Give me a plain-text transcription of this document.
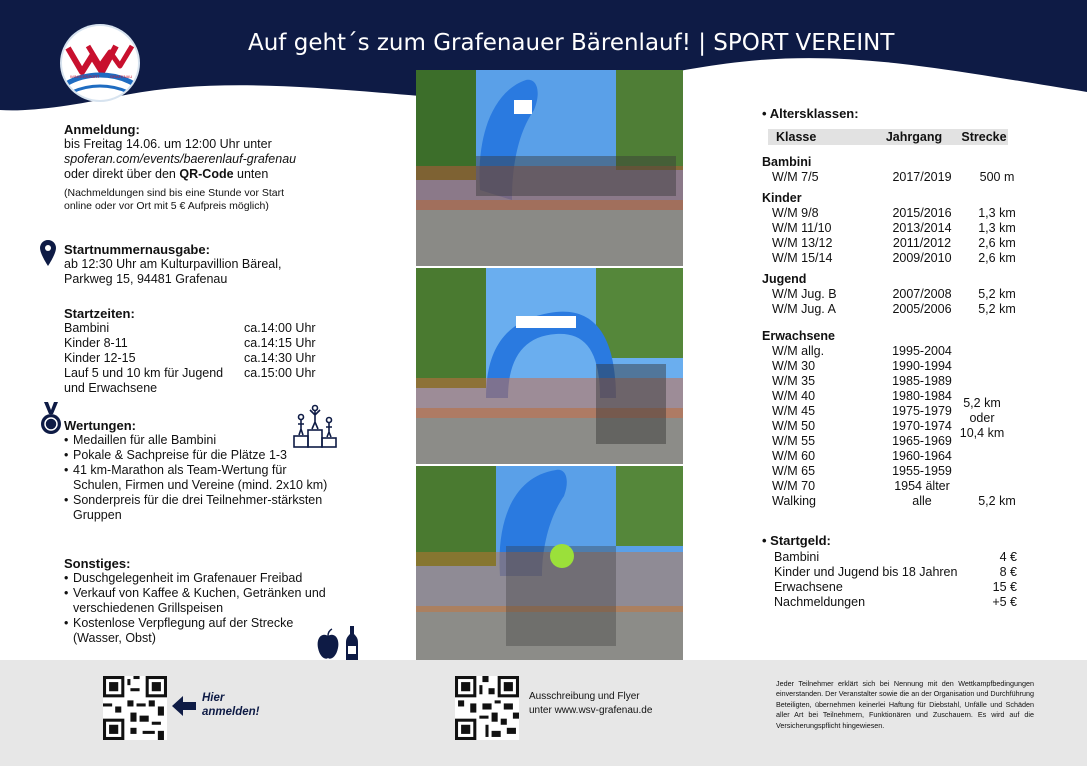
WINTERSPORT	GRAFENAU
Auf geht´s zum Grafenauer Bärenlauf! | SPORT VEREINT
Anmeldung:
bis Freitag 14.06. um 12:00 Uhr unter
spoferan.com/events/baerenlauf-grafenau
oder direkt über den QR-Code unten
(Nachmeldungen sind bis eine Stunde vor Start
online oder vor Ort mit 5 € Aufpreis möglich)
Startnummernausgabe:
ab 12:30 Uhr am Kulturpavillion Bäreal,
Parkweg 15, 94481 Grafenau
Startzeiten:
Bambini	ca.14:00 Uhr
Kinder 8-11	ca.14:15 Uhr
Kinder 12-15	ca.14:30 Uhr
Lauf 5 und 10 km für Jugend	ca.15:00 Uhr
und Erwachsene
Wertungen:
• Medaillen für alle Bambini
• Pokale & Sachpreise für die Plätze 1-3
• 41 km-Marathon als Team-Wertung für
Schulen, Firmen und Vereine (mind. 2x10 km)
• Sonderpreis für die drei Teilnehmer-stärksten
Gruppen
Sonstiges:
• Duschgelegenheit im Grafenauer Freibad
• Verkauf von Kaffee & Kuchen, Getränken und
verschiedenen Grillspeisen
• Kostenlose Verpflegung auf der Strecke
(Wasser, Obst)
• Altersklassen:
Klasse	Jahrgang	Strecke
Bambini
W/M 7/5	2017/2019	500 m
Kinder
W/M 9/8	2015/2016	1,3 km
W/M 11/10	2013/2014	1,3 km
W/M 13/12	2011/2012	2,6 km
W/M 15/14	2009/2010	2,6 km
Jugend
W/M Jug. B	2007/2008	5,2 km
W/M Jug. A	2005/2006	5,2 km
Erwachsene
W/M allg.	1995-2004
W/M 30	1990-1994
W/M 35	1985-1989
W/M 40	1980-1984
W/M 45	1975-1979
W/M 50	1970-1974
W/M 55	1965-1969
W/M 60	1960-1964
W/M 65	1955-1959
W/M 70	1954 älter
5,2 km
oder
10,4 km
Walking	alle	5,2 km
• Startgeld:
Bambini	4 €
Kinder und Jugend bis 18 Jahren	8 €
Erwachsene	15 €
Nachmeldungen	+5 €
Hier
anmelden!
Ausschreibung und Flyer
unter www.wsv-grafenau.de
Jeder Teilnehmer erklärt sich bei Nennung mit den Wettkampfbedingungen einverstanden. Der Veranstalter sowie die an der Organisation und Durchführung Beteiligten, übernehmen keinerlei Haftung für Diebstahl, Unfälle und Schäden aller Art bei Teilnehmern, Funktionären und Zuschauern. Es wird auf die Versicherungspflicht hingewiesen.
